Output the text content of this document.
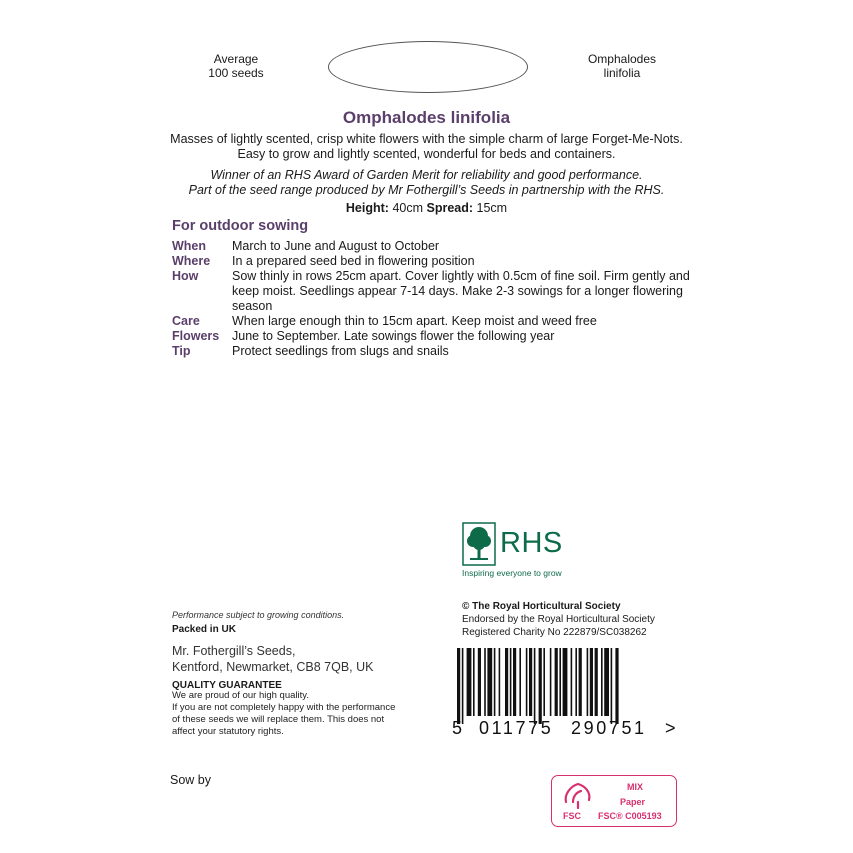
Average
100 seeds
Omphalodes
linifolia
Omphalodes linifolia
Masses of lightly scented, crisp white flowers with the simple charm of large Forget-Me-Nots.
Easy to grow and lightly scented, wonderful for beds and containers.
Winner of an RHS Award of Garden Merit for reliability and good performance.
Part of the seed range produced by Mr Fothergill’s Seeds in partnership with the RHS.
Height: 40cm Spread: 15cm
For outdoor sowing
When	March to June and August to October
Where	In a prepared seed bed in flowering position
How	Sow thinly in rows 25cm apart. Cover lightly with 0.5cm of fine soil. Firm gently and keep moist. Seedlings appear 7-14 days. Make 2-3 sowings for a longer flowering season
Care	When large enough thin to 15cm apart. Keep moist and weed free
Flowers	June to September. Late sowings flower the following year
Tip	Protect seedlings from slugs and snails
RHS
Inspiring everyone to grow
© The Royal Horticultural Society
Endorsed by the Royal Horticultural Society
Registered Charity No 222879/SC038262
Performance subject to growing conditions.
Packed in UK
Mr. Fothergill’s Seeds,
Kentford, Newmarket, CB8 7QB, UK
QUALITY GUARANTEE
We are proud of our high quality.
If you are not completely happy with the performance
of these seeds we will replace them. This does not
affect your statutory rights.	5 011775 290751 >
Sow by
FSC
MIX
Paper
FSC® C005193
